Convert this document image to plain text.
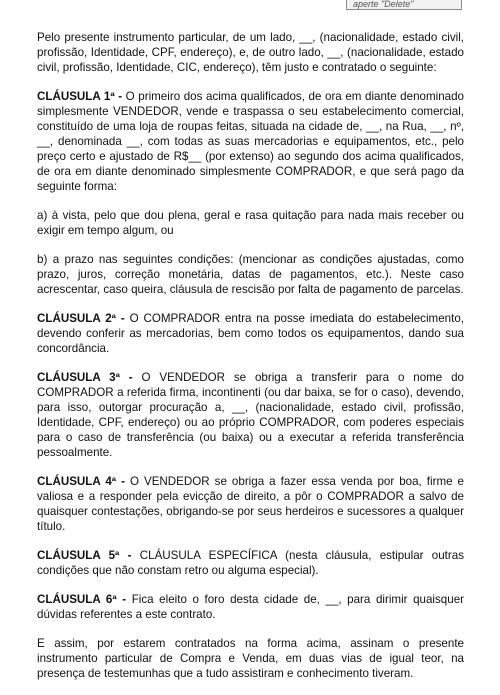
aperte "Delete"

Pelo presente instrumento particular, de um lado, __, (nacionalidade, estado civil, profissão, Identidade, CPF, endereço), e, de outro lado, __, (nacionalidade, estado civil, profissão, Identidade, CIC, endereço), têm justo e contratado o seguinte:

CLÁUSULA 1ª - O primeiro dos acima qualificados, de ora em diante denominado simplesmente VENDEDOR, vende e traspassa o seu estabelecimento comercial, constituído de uma loja de roupas feitas, situada na cidade de, __, na Rua, __, nº, __, denominada __, com todas as suas mercadorias e equipamentos, etc., pelo preço certo e ajustado de R$__ (por extenso) ao segundo dos acima qualificados, de ora em diante denominado simplesmente COMPRADOR, e que será pago da seguinte forma:

a) à vista, pelo que dou plena, geral e rasa quitação para nada mais receber ou exigir em tempo algum, ou

b) a prazo nas seguintes condições: (mencionar as condições ajustadas, como prazo, juros, correção monetária, datas de pagamentos, etc.). Neste caso acrescentar, caso queira, cláusula de rescisão por falta de pagamento de parcelas.

CLÁUSULA 2ª - O COMPRADOR entra na posse imediata do estabelecimento, devendo conferir as mercadorias, bem como todos os equipamentos, dando sua concordância.

CLÁUSULA 3ª - O VENDEDOR se obriga a transferir para o nome do COMPRADOR a referida firma, incontinenti (ou dar baixa, se for o caso), devendo, para isso, outorgar procuração a, __, (nacionalidade, estado civil, profissão, Identidade, CPF, endereço) ou ao próprio COMPRADOR, com poderes especiais para o caso de transferência (ou baixa) ou a executar a referida transferência pessoalmente.

CLÁUSULA 4ª - O VENDEDOR se obriga a fazer essa venda por boa, firme e valiosa e a responder pela evicção de direito, a pôr o COMPRADOR a salvo de quaisquer contestações, obrigando-se por seus herdeiros e sucessores a qualquer título.

CLÁUSULA 5ª - CLÁUSULA ESPECÍFICA (nesta cláusula, estipular outras condições que não constam retro ou alguma especial).

CLÁUSULA 6ª - Fica eleito o foro desta cidade de, __, para dirimir quaisquer dúvidas referentes a este contrato.

E assim, por estarem contratados na forma acima, assinam o presente instrumento particular de Compra e Venda, em duas vias de igual teor, na presença de testemunhas que a tudo assistiram e conhecimento tiveram.
